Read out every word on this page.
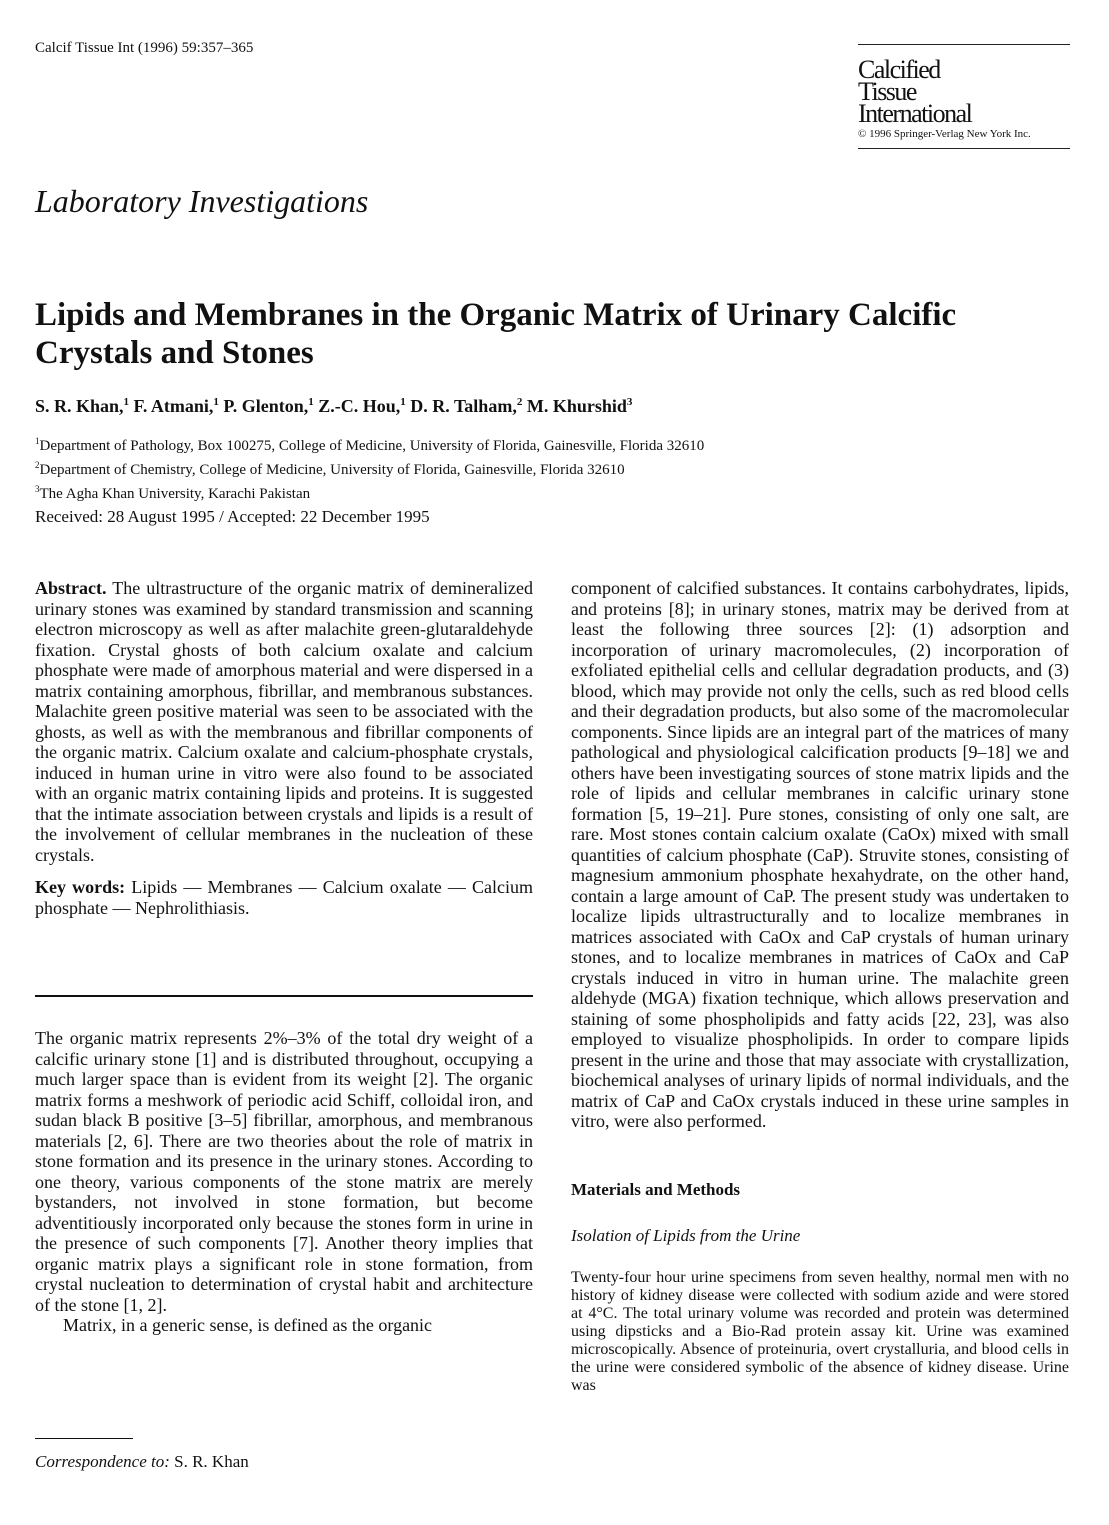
Calcif Tissue Int (1996) 59:357–365
Calcified
Tissue
International
© 1996 Springer-Verlag New York Inc.
Laboratory Investigations
Lipids and Membranes in the Organic Matrix of Urinary Calcific Crystals and Stones
S. R. Khan,$^1$ F. Atmani,$^1$ P. Glenton,$^1$ Z.-C. Hou,$^1$ D. R. Talham,$^2$ M. Khurshid$^3$
$^1$Department of Pathology, Box 100275, College of Medicine, University of Florida, Gainesville, Florida 32610
$^2$Department of Chemistry, College of Medicine, University of Florida, Gainesville, Florida 32610
$^3$The Agha Khan University, Karachi Pakistan
Received: 28 August 1995 / Accepted: 22 December 1995

Abstract. The ultrastructure of the organic matrix of demineralized urinary stones was examined by standard transmission and scanning electron microscopy as well as after malachite green-glutaraldehyde fixation. Crystal ghosts of both calcium oxalate and calcium phosphate were made of amorphous material and were dispersed in a matrix containing amorphous, fibrillar, and membranous substances. Malachite green positive material was seen to be associated with the ghosts, as well as with the membranous and fibrillar components of the organic matrix. Calcium oxalate and calcium-phosphate crystals, induced in human urine in vitro were also found to be associated with an organic matrix containing lipids and proteins. It is suggested that the intimate association between crystals and lipids is a result of the involvement of cellular membranes in the nucleation of these crystals.

Key words: Lipids — Membranes — Calcium oxalate — Calcium phosphate — Nephrolithiasis.

The organic matrix represents 2%–3% of the total dry weight of a calcific urinary stone [1] and is distributed throughout, occupying a much larger space than is evident from its weight [2]. The organic matrix forms a meshwork of periodic acid Schiff, colloidal iron, and sudan black B positive [3–5] fibrillar, amorphous, and membranous materials [2, 6]. There are two theories about the role of matrix in stone formation and its presence in the urinary stones. According to one theory, various components of the stone matrix are merely bystanders, not involved in stone formation, but become adventitiously incorporated only because the stones form in urine in the presence of such components [7]. Another theory implies that organic matrix plays a significant role in stone formation, from crystal nucleation to determination of crystal habit and architecture of the stone [1, 2].

Matrix, in a generic sense, is defined as the organic

Correspondence to: S. R. Khan

component of calcified substances. It contains carbohydrates, lipids, and proteins [8]; in urinary stones, matrix may be derived from at least the following three sources [2]: (1) adsorption and incorporation of urinary macromolecules, (2) incorporation of exfoliated epithelial cells and cellular degradation products, and (3) blood, which may provide not only the cells, such as red blood cells and their degradation products, but also some of the macromolecular components. Since lipids are an integral part of the matrices of many pathological and physiological calcification products [9–18] we and others have been investigating sources of stone matrix lipids and the role of lipids and cellular membranes in calcific urinary stone formation [5, 19–21]. Pure stones, consisting of only one salt, are rare. Most stones contain calcium oxalate (CaOx) mixed with small quantities of calcium phosphate (CaP). Struvite stones, consisting of magnesium ammonium phosphate hexahydrate, on the other hand, contain a large amount of CaP. The present study was undertaken to localize lipids ultrastructurally and to localize membranes in matrices associated with CaOx and CaP crystals of human urinary stones, and to localize membranes in matrices of CaOx and CaP crystals induced in vitro in human urine. The malachite green aldehyde (MGA) fixation technique, which allows preservation and staining of some phospholipids and fatty acids [22, 23], was also employed to visualize phospholipids. In order to compare lipids present in the urine and those that may associate with crystallization, biochemical analyses of urinary lipids of normal individuals, and the matrix of CaP and CaOx crystals induced in these urine samples in vitro, were also performed.

Materials and Methods
Isolation of Lipids from the Urine

Twenty-four hour urine specimens from seven healthy, normal men with no history of kidney disease were collected with sodium azide and were stored at 4°C. The total urinary volume was recorded and protein was determined using dipsticks and a Bio-Rad protein assay kit. Urine was examined microscopically. Absence of proteinuria, overt crystalluria, and blood cells in the urine were considered symbolic of the absence of kidney disease. Urine was
